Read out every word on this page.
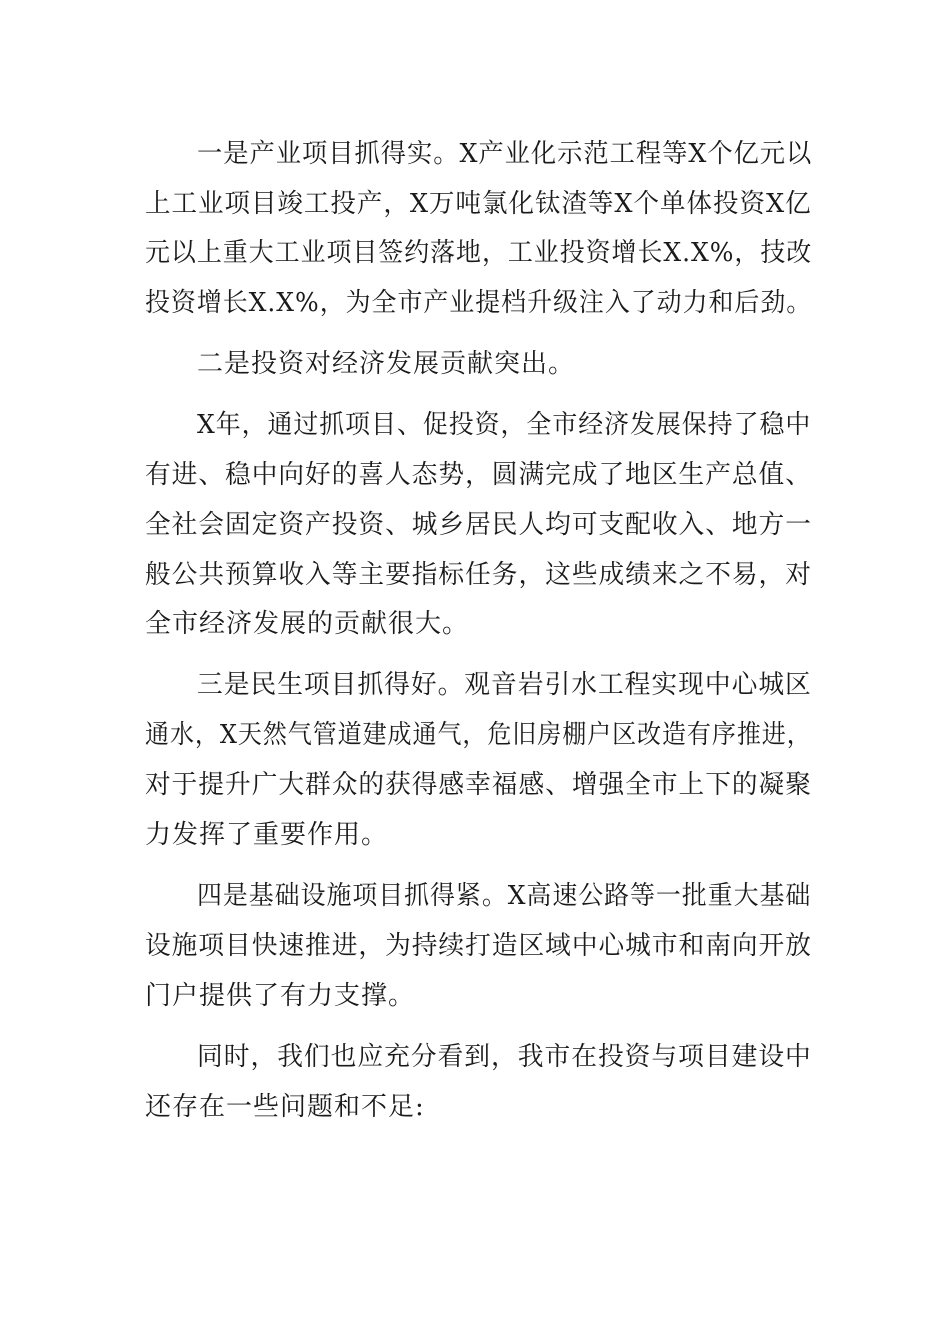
一是产业项目抓得实。X产业化示范工程等X个亿元以
上工业项目竣工投产，X万吨氯化钛渣等X个单体投资X亿
元以上重大工业项目签约落地，工业投资增长X.X%，技改
投资增长X.X%，为全市产业提档升级注入了动力和后劲。
二是投资对经济发展贡献突出。
X年，通过抓项目、促投资，全市经济发展保持了稳中
有进、稳中向好的喜人态势，圆满完成了地区生产总值、
全社会固定资产投资、城乡居民人均可支配收入、地方一
般公共预算收入等主要指标任务，这些成绩来之不易，对
全市经济发展的贡献很大。
三是民生项目抓得好。观音岩引水工程实现中心城区
通水，X天然气管道建成通气，危旧房棚户区改造有序推进，
对于提升广大群众的获得感幸福感、增强全市上下的凝聚
力发挥了重要作用。
四是基础设施项目抓得紧。X高速公路等一批重大基础
设施项目快速推进，为持续打造区域中心城市和南向开放
门户提供了有力支撑。
同时，我们也应充分看到，我市在投资与项目建设中
还存在一些问题和不足:
